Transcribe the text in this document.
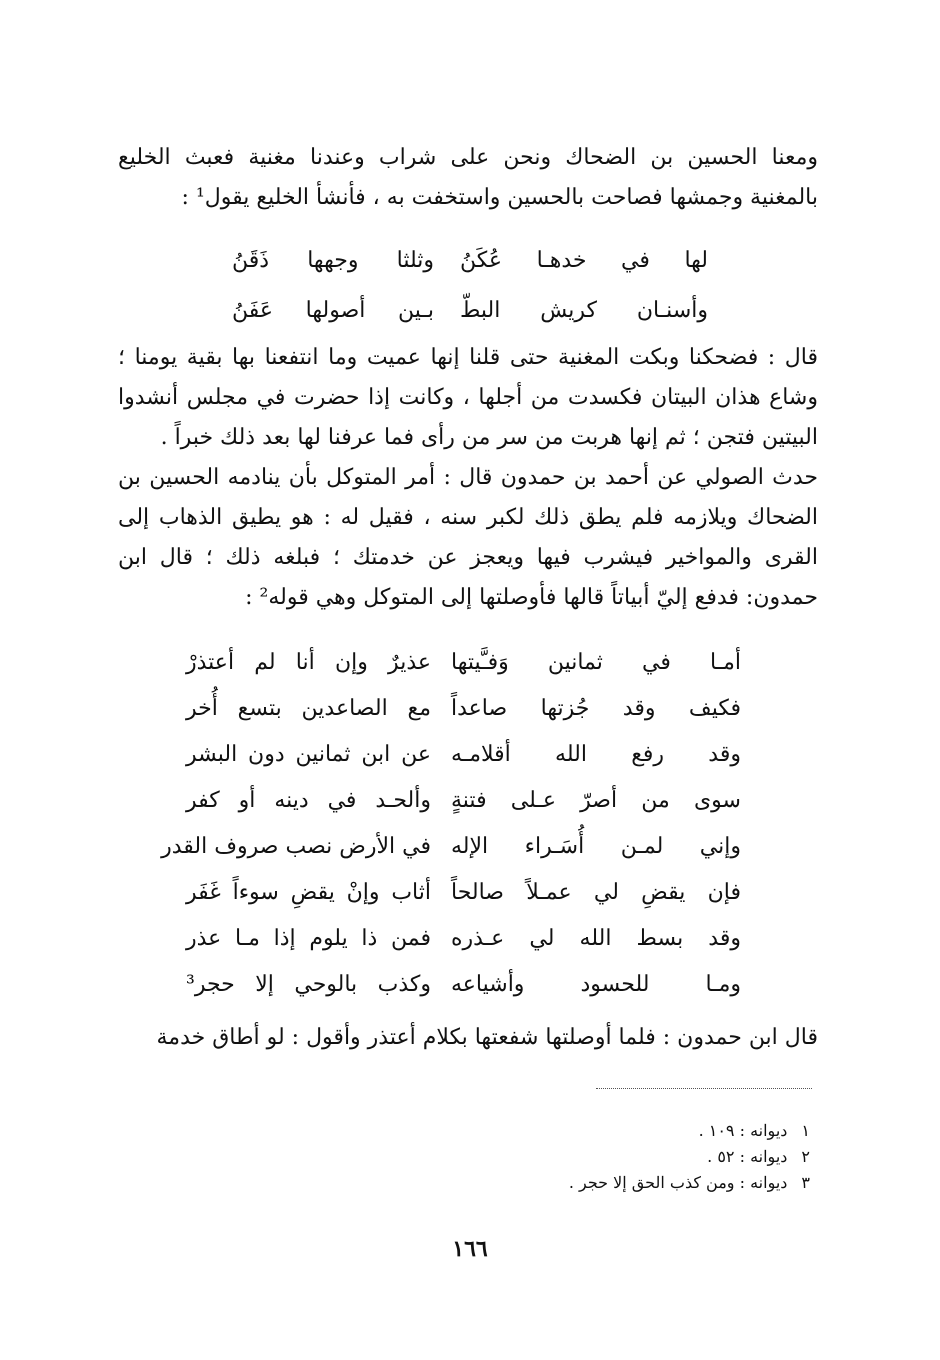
ومعنا الحسين بن الضحاك ونحن على شراب وعندنا مغنية فعبث الخليع بالمغنية وجمشها فصاحت بالحسين واستخفت به ، فأنشأ الخليع يقول¹ :

لها في خدهـا عُكَنُ
وثلثا وجهها ذَقَنُ
وأسنـان كريش البطّ
بـين أصولها عَفَنُ

قال : فضحكنا وبكت المغنية حتى قلنا إنها عميت وما انتفعنا بها بقية يومنا ؛ وشاع هذان البيتان فكسدت من أجلها ، وكانت إذا حضرت في مجلس أنشدوا البيتين فتجن ؛ ثم إنها هربت من سر من رأى فما عرفنا لها بعد ذلك خبراً .

حدث الصولي عن أحمد بن حمدون قال : أمر المتوكل بأن ينادمه الحسين بن الضحاك ويلازمه فلم يطق ذلك لكبر سنه ، فقيل له : هو يطيق الذهاب إلى القرى والمواخير فيشرب فيها ويعجز عن خدمتك ؛ فبلغه ذلك ؛ قال ابن حمدون: فدفع إليّ أبياتاً قالها فأوصلتها إلى المتوكل وهي قوله² :

أمـا في ثمانين وَفـَّيتها
عذيرٌ وإن أنا لم أعتذرْ
فكيف وقد جُزتها صاعداً
مع الصاعدين بتسع أُخر
وقد رفع الله أقلامـه
عن ابن ثمانين دون البشر
سوى من أصرّ عـلى فتنةٍ
وألحـد في دينه أو كفر
وإني لمـن أُسَـراء الإله
في الأرض نصب صروف القدر
فإن يقضِ لي عمـلاً صالحاً
أثاب وإنْ يقضِ سوءاً غَفَر
وقد بسط الله لي عـذره
فمن ذا يلوم إذا مـا عذر
ومـا للحسود وأشياعه
وكذب بالوحي إلا حجر³

قال ابن حمدون : فلما أوصلتها شفعتها بكلام أعتذر وأقول : لو أطاق خدمة

١ديوانه : ١٠٩ .
٢ديوانه : ٥٢ .
٣ديوانه : ومن كذب الحق إلا حجر .
١٦٦
